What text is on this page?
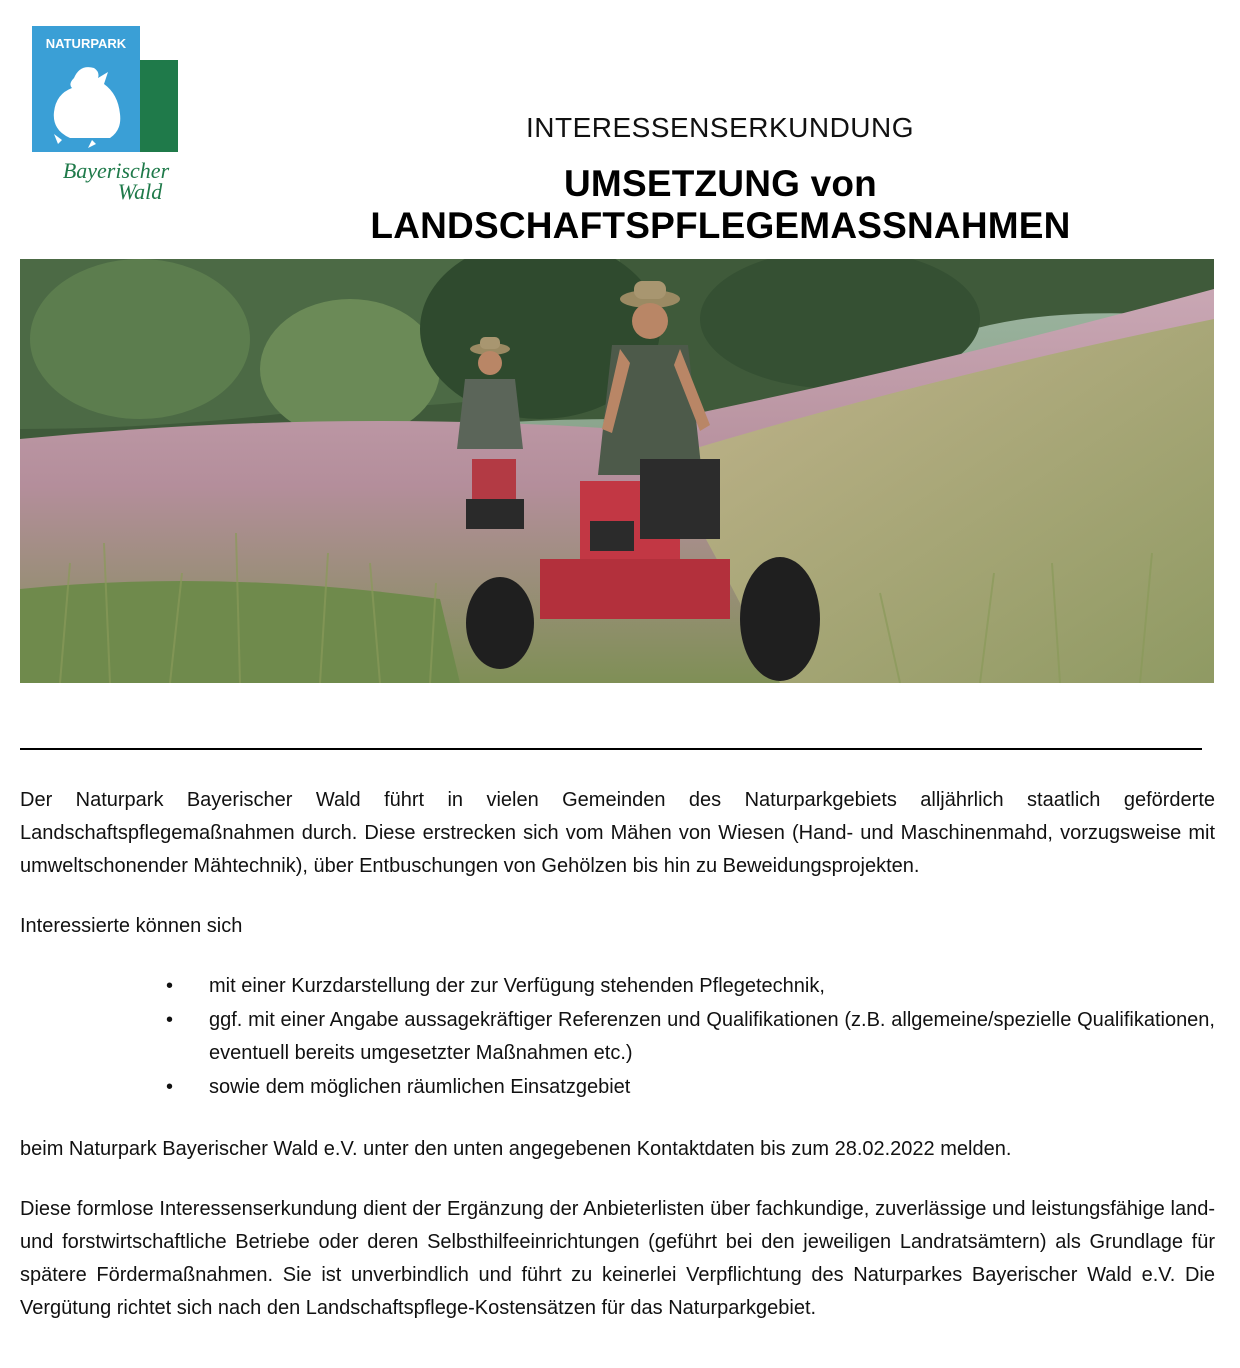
NATURPARK
Bayerischer
Wald
INTERESSENSERKUNDUNG
UMSETZUNG von LANDSCHAFTSPFLEGEMASSNAHMEN
Der Naturpark Bayerischer Wald führt in vielen Gemeinden des Naturparkgebiets alljährlich staatlich geförderte Landschaftspflegemaßnahmen durch. Diese erstrecken sich vom Mähen von Wiesen (Hand- und Maschinenmahd, vorzugsweise mit umweltschonender Mähtechnik), über Entbuschungen von Gehölzen bis hin zu Beweidungsprojekten.
Interessierte können sich
•	mit einer Kurzdarstellung der zur Verfügung stehenden Pflegetechnik,
•	ggf. mit einer Angabe aussagekräftiger Referenzen und Qualifikationen (z.B. allgemeine/spezielle Qualifikationen, eventuell bereits umgesetzter Maßnahmen etc.)
•	sowie dem möglichen räumlichen Einsatzgebiet
beim Naturpark Bayerischer Wald e.V. unter den unten angegebenen Kontaktdaten bis zum 28.02.2022 melden.
Diese formlose Interessenserkundung dient der Ergänzung der Anbieterlisten über fachkundige, zuverlässige und leistungsfähige land- und forstwirtschaftliche Betriebe oder deren Selbsthilfeeinrichtungen (geführt bei den jeweiligen Landratsämtern) als Grundlage für spätere Fördermaßnahmen. Sie ist unverbindlich und führt zu keinerlei Verpflichtung des Naturparkes Bayerischer Wald e.V. Die Vergütung richtet sich nach den Landschaftspflege-Kostensätzen für das Naturparkgebiet.
